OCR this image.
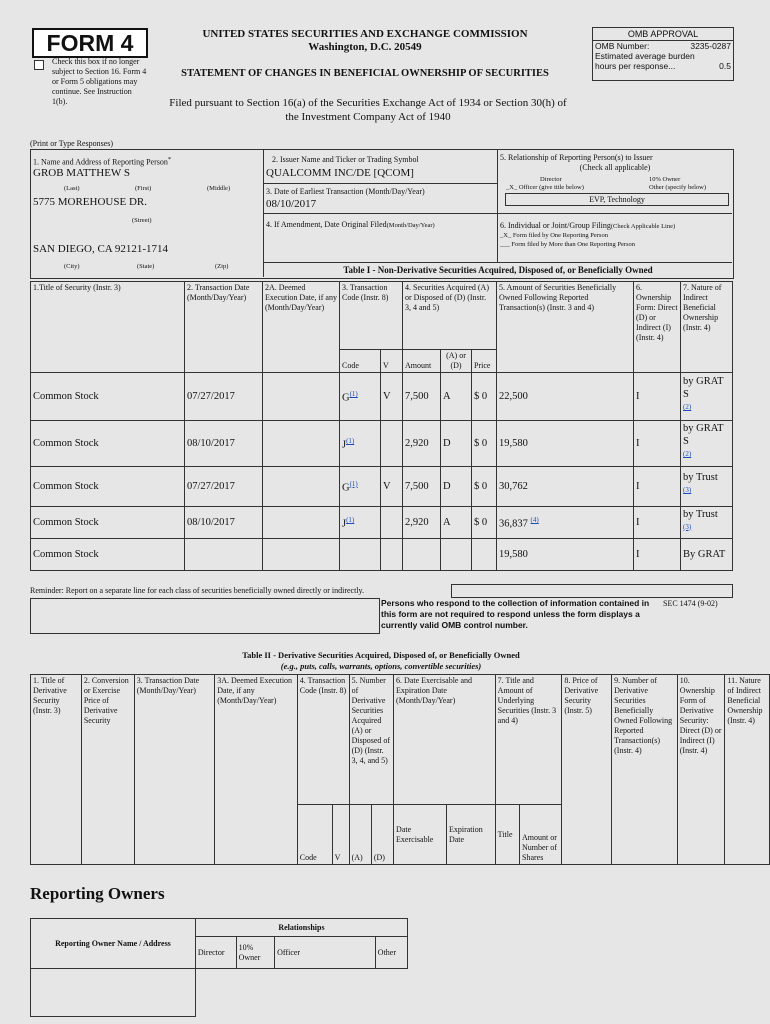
FORM 4
Check this box if no longer subject to Section 16. Form 4 or Form 5 obligations may continue. See Instruction 1(b).
UNITED STATES SECURITIES AND EXCHANGE COMMISSION
Washington, D.C. 20549
STATEMENT OF CHANGES IN BENEFICIAL OWNERSHIP OF SECURITIES
Filed pursuant to Section 16(a) of the Securities Exchange Act of 1934 or Section 30(h) of
the Investment Company Act of 1940
OMB APPROVAL
OMB Number:	3235-0287
Estimated average burden
hours per response...	0.5
(Print or Type Responses)
1. Name and Address of Reporting Person*
GROB MATTHEW S
(Last)	(First)	(Middle)
5775 MOREHOUSE DR.
(Street)
SAN DIEGO, CA 92121-1714
(City)	(State)	(Zip)
2. Issuer Name and Ticker or Trading Symbol
QUALCOMM INC/DE [QCOM]
3. Date of Earliest Transaction (Month/Day/Year)
08/10/2017
4. If Amendment, Date Original Filed(Month/Day/Year)
5. Relationship of Reporting Person(s) to Issuer
(Check all applicable)
Director	10% Owner
_X_ Officer (give title below)	Other (specify below)
EVP, Technology
6. Individual or Joint/Group Filing(Check Applicable Line)
_X_ Form filed by One Reporting Person
___ Form filed by More than One Reporting Person
Table I - Non-Derivative Securities Acquired, Disposed of, or Beneficially Owned
1.Title of Security (Instr. 3)	2. Transaction Date (Month/Day/Year)	2A. Deemed Execution Date, if any (Month/Day/Year)	3. Transaction Code (Instr. 8)		4. Securities Acquired (A) or Disposed of (D) (Instr. 3, 4 and 5)			5. Amount of Securities Beneficially Owned Following Reported Transaction(s) (Instr. 3 and 4)	6. Ownership Form: Direct (D) or Indirect (I) (Instr. 4)	7. Nature of Indirect Beneficial Ownership (Instr. 4)
			Code	V	Amount	(A) or (D)	Price			
Common Stock	07/27/2017		G$^{(1)}$	V	7,500	A	$ 0	22,500	I	by GRAT S
$^{(2)}$
Common Stock	08/10/2017		J$^{(1)}$		2,920	D	$ 0	19,580	I	by GRAT S
$^{(2)}$
Common Stock	07/27/2017		G$^{(1)}$	V	7,500	D	$ 0	30,762	I	by Trust
$^{(3)}$
Common Stock	08/10/2017		J$^{(1)}$		2,920	A	$ 0	36,837 $^{(4)}$	I	by Trust
$^{(3)}$
Common Stock								19,580	I	By GRAT
Reminder: Report on a separate line for each class of securities beneficially owned directly or indirectly.
Persons who respond to the collection of information contained in this form are not required to respond unless the form displays a currently valid OMB control number.
SEC 1474 (9-02)
Table II - Derivative Securities Acquired, Disposed of, or Beneficially Owned
(e.g., puts, calls, warrants, options, convertible securities)
1. Title of Derivative Security (Instr. 3)	2. Conversion or Exercise Price of Derivative Security	3. Transaction Date (Month/Day/Year)	3A. Deemed Execution Date, if any (Month/Day/Year)	4. Transaction Code (Instr. 8)		5. Number of Derivative Securities Acquired (A) or Disposed of (D) (Instr. 3, 4, and 5)		6. Date Exercisable and Expiration Date (Month/Day/Year)		7. Title and Amount of Underlying Securities (Instr. 3 and 4)		8. Price of Derivative Security (Instr. 5)	9. Number of Derivative Securities Beneficially Owned Following Reported Transaction(s) (Instr. 4)	10. Ownership Form of Derivative Security: Direct (D) or Indirect (I) (Instr. 4)	11. Nature of Indirect Beneficial Ownership (Instr. 4)
				Code	V	(A)	(D)	Date Exercisable	Expiration Date	Title	Amount or Number of Shares				
Reporting Owners
Reporting Owner Name / Address	Relationships			
	Director	10% Owner	Officer	Other
